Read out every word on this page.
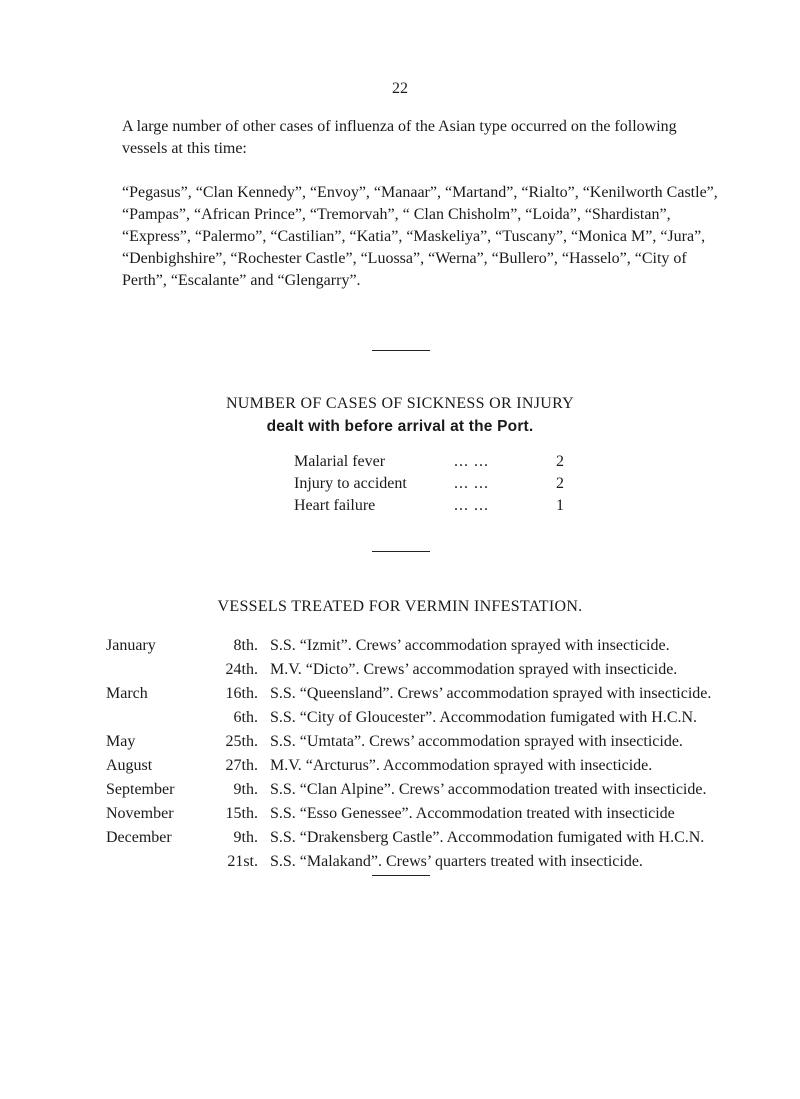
22

A large number of other cases of influenza of the Asian type occurred on the following vessels at this time:

“Pegasus”, “Clan Kennedy”, “Envoy”, “Manaar”, “Martand”, “Rialto”, “Kenilworth Castle”, “Pampas”, “African Prince”, “Tremorvah”, “ Clan Chisholm”, “Loida”, “Shardistan”, “Express”, “Palermo”, “Castilian”, “Katia”, “Maskeliya”, “Tuscany”, “Monica M”, “Jura”, “Denbighshire”, “Rochester Castle”, “Luossa”, “Werna”, “Bullero”, “Hasselo”, “City of Perth”, “Escalante” and “Glengarry”.

NUMBER OF CASES OF SICKNESS OR INJURY
dealt with before arrival at the Port.
Malarial fever	... ...	2
Injury to accident	... ...	2
Heart failure	... ...	1
VESSELS TREATED FOR VERMIN INFESTATION.
January	8th. S.S. “Izmit”. Crews’ accommodation sprayed with insecticide.
24th. M.V. “Dicto”. Crews’ accommodation sprayed with insecticide.
March	16th. S.S. “Queensland”. Crews’ accommodation sprayed with insecticide.
6th. S.S. “City of Gloucester”. Accommodation fumigated with H.C.N.
May	25th. S.S. “Umtata”. Crews’ accommodation sprayed with insecticide.
August	27th. M.V. “Arcturus”. Accommodation sprayed with insecticide.
September	9th. S.S. “Clan Alpine”. Crews’ accommodation treated with insecticide.
November	15th. S.S. “Esso Genessee”. Accommodation treated with insecticide
December	9th. S.S. “Drakensberg Castle”. Accommodation fumigated with H.C.N.
21st. S.S. “Malakand”. Crews’ quarters treated with insecticide.
